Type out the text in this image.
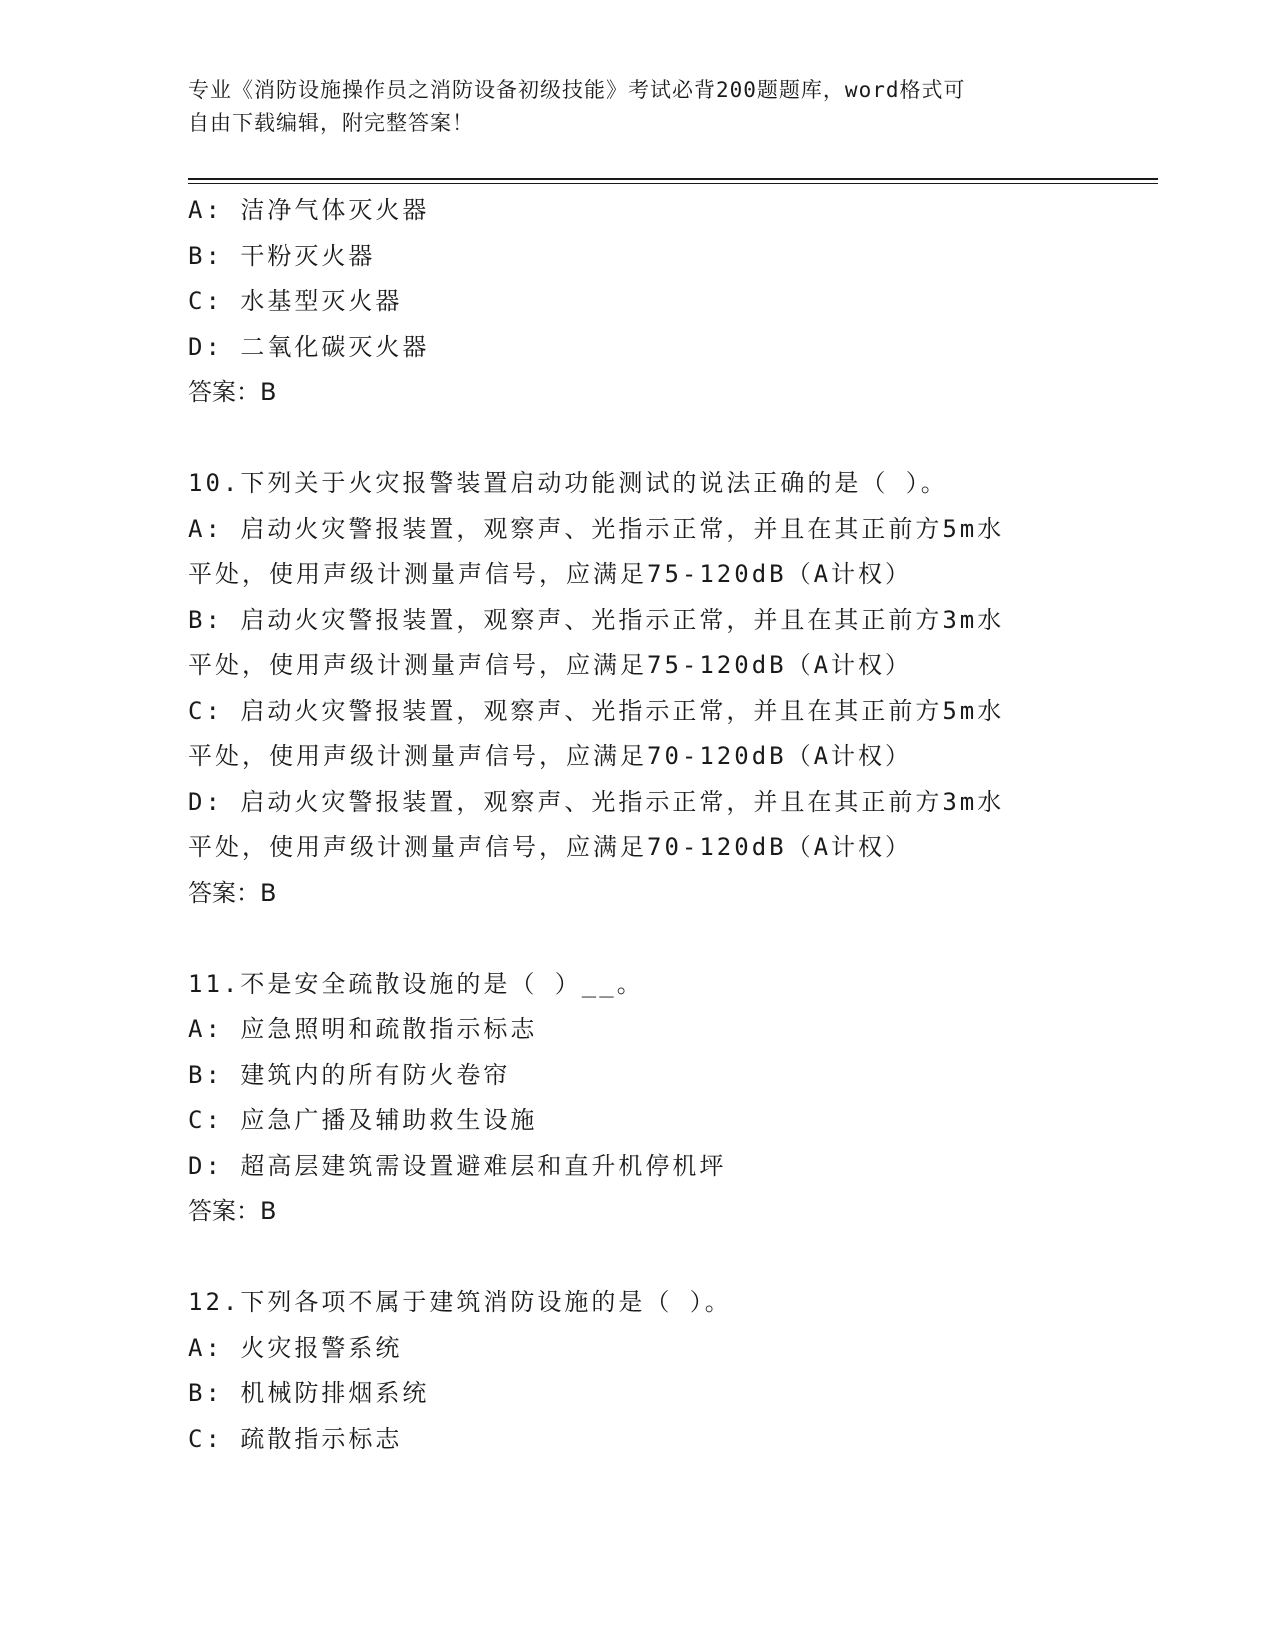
专业《消防设施操作员之消防设备初级技能》考试必背200题题库，word格式可
自由下载编辑，附完整答案！
A: 洁净气体灭火器
B: 干粉灭火器
C: 水基型灭火器
D: 二氧化碳灭火器
答案：B
10.下列关于火灾报警装置启动功能测试的说法正确的是（ ）。
A: 启动火灾警报装置，观察声、光指示正常，并且在其正前方5m水
平处，使用声级计测量声信号，应满足75-120dB（A计权）
B: 启动火灾警报装置，观察声、光指示正常，并且在其正前方3m水
平处，使用声级计测量声信号，应满足75-120dB（A计权）
C: 启动火灾警报装置，观察声、光指示正常，并且在其正前方5m水
平处，使用声级计测量声信号，应满足70-120dB（A计权）
D: 启动火灾警报装置，观察声、光指示正常，并且在其正前方3m水
平处，使用声级计测量声信号，应满足70-120dB（A计权）
答案：B
11.不是安全疏散设施的是（ ）__。
A: 应急照明和疏散指示标志
B: 建筑内的所有防火卷帘
C: 应急广播及辅助救生设施
D: 超高层建筑需设置避难层和直升机停机坪
答案：B
12.下列各项不属于建筑消防设施的是（ ）。
A: 火灾报警系统
B: 机械防排烟系统
C: 疏散指示标志
